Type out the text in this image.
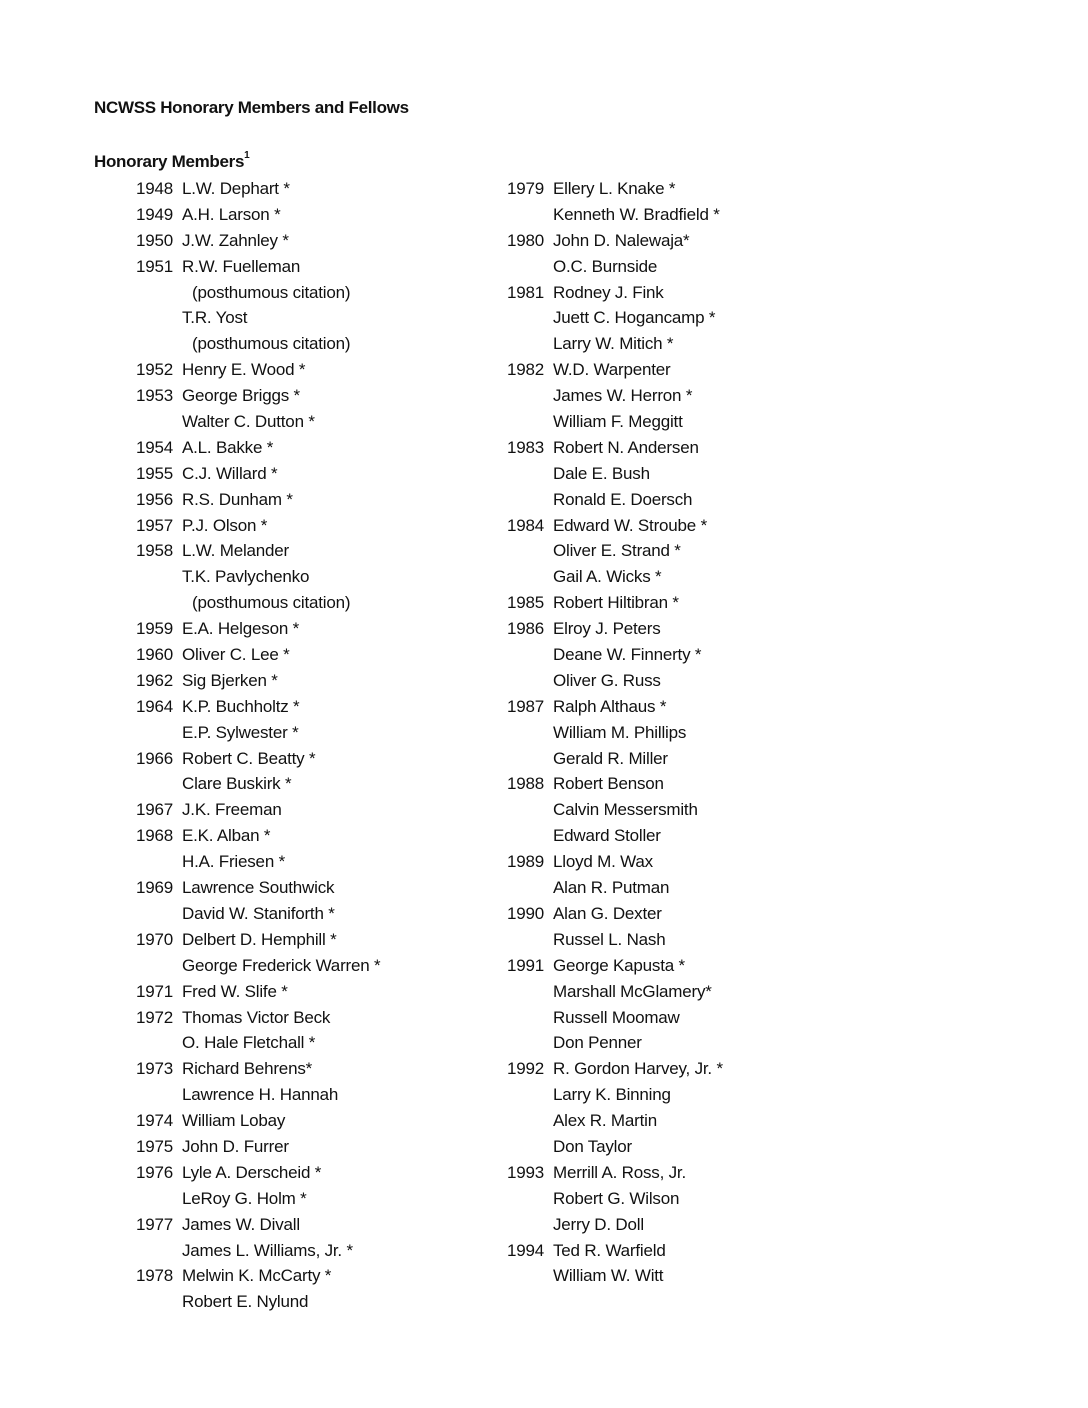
NCWSS Honorary Members and Fellows
Honorary Members$^1$
1948 L.W. Dephart *
1949 A.H. Larson *
1950 J.W. Zahnley *
1951 R.W. Fuelleman
(posthumous citation)
T.R. Yost
(posthumous citation)
1952 Henry E. Wood *
1953 George Briggs *
Walter C. Dutton *
1954 A.L. Bakke *
1955 C.J. Willard *
1956 R.S. Dunham *
1957 P.J. Olson *
1958 L.W. Melander
T.K. Pavlychenko
(posthumous citation)
1959 E.A. Helgeson *
1960 Oliver C. Lee *
1962 Sig Bjerken *
1964 K.P. Buchholtz *
E.P. Sylwester *
1966 Robert C. Beatty *
Clare Buskirk *
1967 J.K. Freeman
1968 E.K. Alban *
H.A. Friesen *
1969 Lawrence Southwick
David W. Staniforth *
1970 Delbert D. Hemphill *
George Frederick Warren *
1971 Fred W. Slife *
1972 Thomas Victor Beck
O. Hale Fletchall *
1973 Richard Behrens*
Lawrence H. Hannah
1974 William Lobay
1975 John D. Furrer
1976 Lyle A. Derscheid *
LeRoy G. Holm *
1977 James W. Divall
James L. Williams, Jr. *
1978 Melwin K. McCarty *
Robert E. Nylund
1979 Ellery L. Knake *
Kenneth W. Bradfield *
1980 John D. Nalewaja*
O.C. Burnside
1981 Rodney J. Fink
Juett C. Hogancamp *
Larry W. Mitich *
1982 W.D. Warpenter
James W. Herron *
William F. Meggitt
1983 Robert N. Andersen
Dale E. Bush
Ronald E. Doersch
1984 Edward W. Stroube *
Oliver E. Strand *
Gail A. Wicks *
1985 Robert Hiltibran *
1986 Elroy J. Peters
Deane W. Finnerty *
Oliver G. Russ
1987 Ralph Althaus *
William M. Phillips
Gerald R. Miller
1988 Robert Benson
Calvin Messersmith
Edward Stoller
1989 Lloyd M. Wax
Alan R. Putman
1990 Alan G. Dexter
Russel L. Nash
1991 George Kapusta *
Marshall McGlamery*
Russell Moomaw
Don Penner
1992 R. Gordon Harvey, Jr. *
Larry K. Binning
Alex R. Martin
Don Taylor
1993 Merrill A. Ross, Jr.
Robert G. Wilson
Jerry D. Doll
1994 Ted R. Warfield
William W. Witt
